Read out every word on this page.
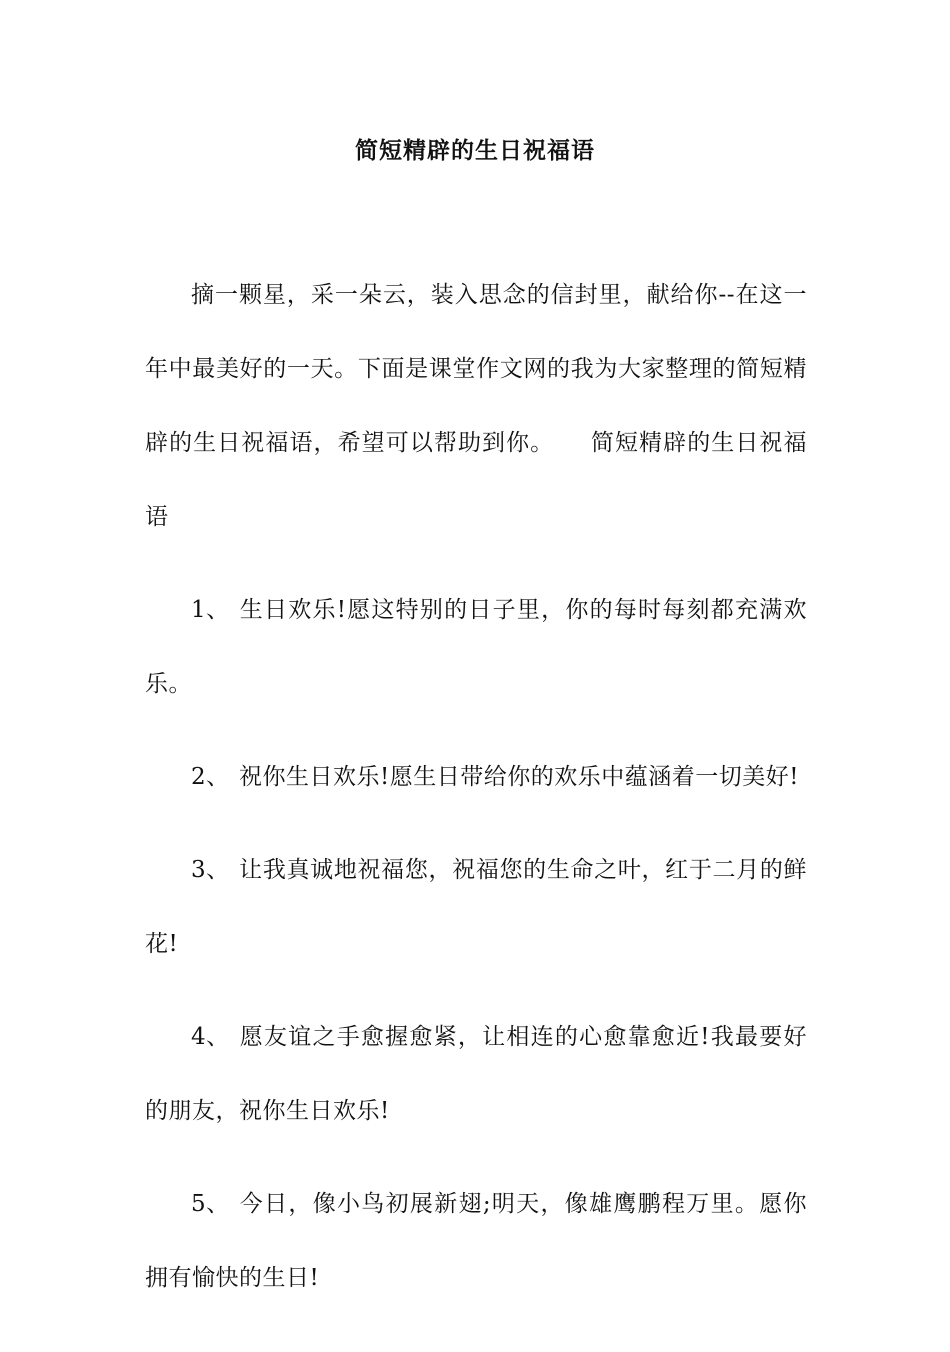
简短精辟的生日祝福语

摘一颗星，采一朵云，装入思念的信封里，献给你--在这一年中最美好的一天。下面是课堂作文网的我为大家整理的简短精辟的生日祝福语，希望可以帮助到你。　　简短精辟的生日祝福语

1、 生日欢乐!愿这特别的日子里，你的每时每刻都充满欢乐。

2、 祝你生日欢乐!愿生日带给你的欢乐中蕴涵着一切美好!

3、 让我真诚地祝福您，祝福您的生命之叶，红于二月的鲜花!

4、 愿友谊之手愈握愈紧，让相连的心愈靠愈近!我最要好的朋友，祝你生日欢乐!

5、 今日，像小鸟初展新翅;明天，像雄鹰鹏程万里。愿你拥有愉快的生日!
